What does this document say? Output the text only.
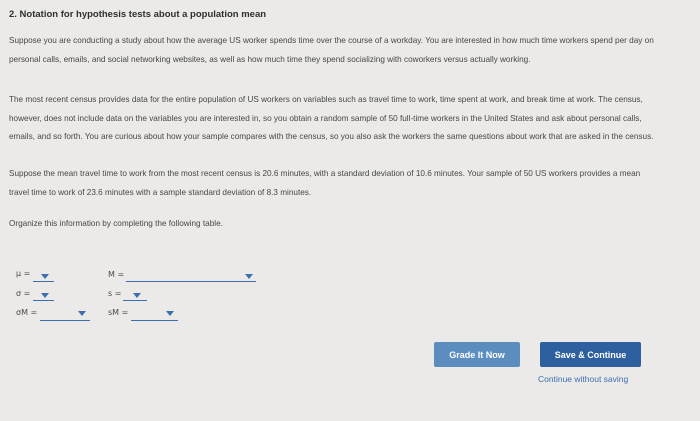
2. Notation for hypothesis tests about a population mean
Suppose you are conducting a study about how the average US worker spends time over the course of a workday. You are interested in how much time workers spend per day on personal calls, emails, and social networking websites, as well as how much time they spend socializing with coworkers versus actually working.
The most recent census provides data for the entire population of US workers on variables such as travel time to work, time spent at work, and break time at work. The census, however, does not include data on the variables you are interested in, so you obtain a random sample of 50 full-time workers in the United States and ask about personal calls, emails, and so forth. You are curious about how your sample compares with the census, so you also ask the workers the same questions about work that are asked in the census.
Suppose the mean travel time to work from the most recent census is 20.6 minutes, with a standard deviation of 10.6 minutes. Your sample of 50 US workers provides a mean travel time to work of 23.6 minutes with a sample standard deviation of 8.3 minutes.
Organize this information by completing the following table.
μ =
σ =
σM =
M =
s =
sM =
Grade It Now	Save & Continue
Continue without saving
